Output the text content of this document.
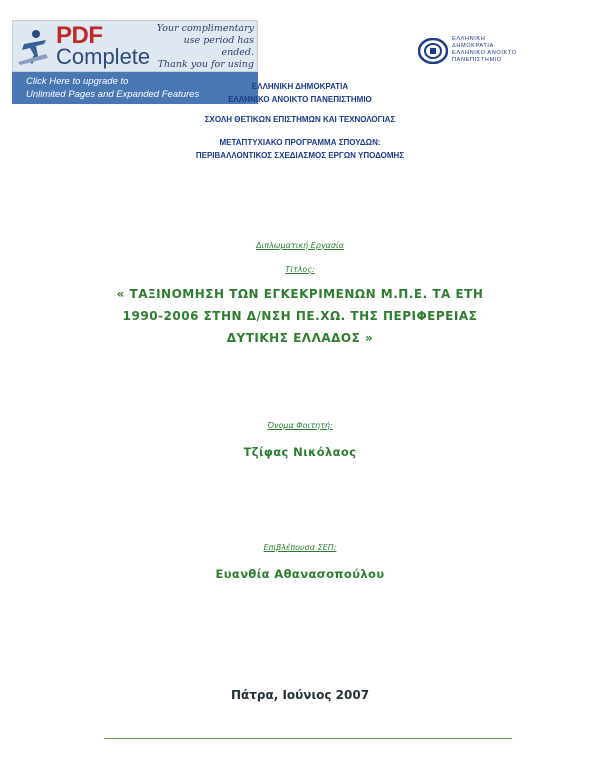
PDF
Complete
Your complimentary
use period has ended.
Thank you for using
Click Here to upgrade to
Unlimited Pages and Expanded Features
ΕΛΛΗΝΙΚΗ
ΔΗΜΟΚΡΑΤΙΑ
ΕΛΛΗΝΙΚΟ ΑΝΟΙΚΤΟ
ΠΑΝΕΠΙΣΤΗΜΙΟ
ΕΛΛΗΝΙΚΗ ΔΗΜΟΚΡΑΤΙΑ
ΕΛΛΗΝΙΚΟ ΑΝΟΙΚΤΟ ΠΑΝΕΠΙΣΤΗΜΙΟ
ΣΧΟΛΗ ΘΕΤΙΚΩΝ ΕΠΙΣΤΗΜΩΝ ΚΑΙ ΤΕΧΝΟΛΟΓΙΑΣ
ΜΕΤΑΠΤΥΧΙΑΚΟ ΠΡΟΓΡΑΜΜΑ ΣΠΟΥΔΩΝ:
ΠΕΡΙΒΑΛΛΟΝΤΙΚΟΣ ΣΧΕΔΙΑΣΜΟΣ ΕΡΓΩΝ ΥΠΟΔΟΜΗΣ
Διπλωματική Εργασία
Τίτλος:
« ΤΑΞΙΝΟΜΗΣΗ ΤΩΝ ΕΓΚΕΚΡΙΜΕΝΩΝ Μ.Π.Ε. ΤΑ ΕΤΗ
1990-2006 ΣΤΗΝ Δ/ΝΣΗ ΠΕ.ΧΩ. ΤΗΣ ΠΕΡΙΦΕΡΕΙΑΣ
ΔΥΤΙΚΗΣ ΕΛΛΑΔΟΣ »
Όνομα Φοιτητή:
Τζίφας Νικόλαος
Επιβλέπουσα ΣΕΠ:
Ευανθία Αθανασοπούλου
Πάτρα, Ιούνιος 2007
